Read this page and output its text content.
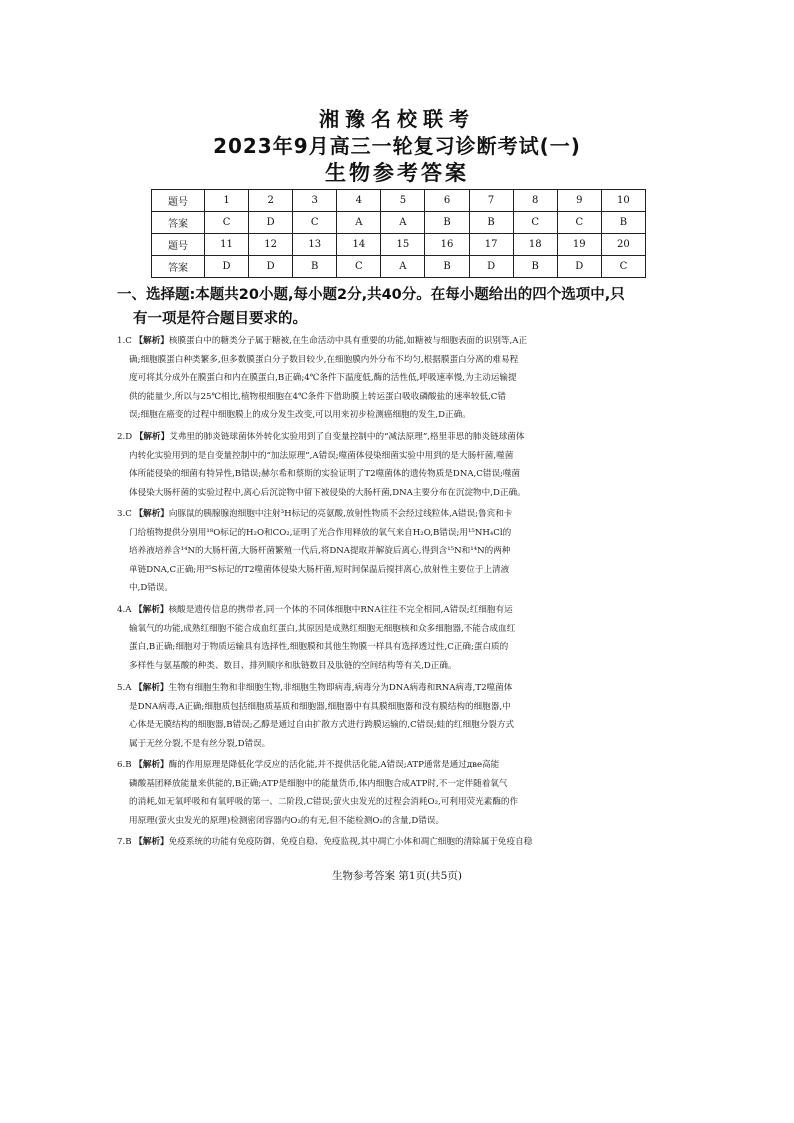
湘豫名校联考
2023年9月高三一轮复习诊断考试(一)
生物参考答案
题号	1	2	3	4	5	6	7	8	9	10
答案	C	D	C	A	A	B	B	C	C	B
题号	11	12	13	14	15	16	17	18	19	20
答案	D	D	B	C	A	B	D	B	D	C
一、选择题:本题共20小题,每小题2分,共40分。在每小题给出的四个选项中,只
有一项是符合题目要求的。
1.C 【解析】核膜蛋白中的糖类分子属于糖被,在生命活动中具有重要的功能,如糖被与细胞表面的识别等,A正
确;细胞膜蛋白种类繁多,但多数膜蛋白分子数目较少,在细胞膜内外分布不均匀,根据膜蛋白分离的难易程
度可将其分成外在膜蛋白和内在膜蛋白,B正确;4℃条件下温度低,酶的活性低,呼吸速率慢,为主动运输提
供的能量少,所以与25℃相比,植物根细胞在4℃条件下借助膜上转运蛋白吸收磷酸盐的速率较低,C错
误;细胞在癌变的过程中细胞膜上的成分发生改变,可以用来初步检测癌细胞的发生,D正确。
2.D 【解析】艾弗里的肺炎链球菌体外转化实验用到了自变量控制中的“减法原理”,格里菲思的肺炎链球菌体
内转化实验用到的是自变量控制中的“加法原理”,A错误;噬菌体侵染细菌实验中用到的是大肠杆菌,噬菌
体所能侵染的细菌有特异性,B错误;赫尔希和蔡斯的实验证明了T2噬菌体的遗传物质是DNA,C错误;噬菌
体侵染大肠杆菌的实验过程中,离心后沉淀物中留下被侵染的大肠杆菌,DNA主要分布在沉淀物中,D正确。
3.C 【解析】向豚鼠的胰腺腺泡细胞中注射³H标记的亮氨酸,放射性物质不会经过线粒体,A错误;鲁宾和卡
门给植物提供分别用¹⁸O标记的H₂O和CO₂,证明了光合作用释放的氧气来自H₂O,B错误;用¹⁵NH₄Cl的
培养液培养含¹⁴N的大肠杆菌,大肠杆菌繁殖一代后,将DNA提取并解旋后离心,得到含¹⁵N和¹⁴N的两种
单链DNA,C正确;用³⁵S标记的T2噬菌体侵染大肠杆菌,短时间保温后搅拌离心,放射性主要位于上清液
中,D错误。
4.A 【解析】核酸是遗传信息的携带者,同一个体的不同体细胞中RNA往往不完全相同,A错误;红细胞有运
输氧气的功能,成熟红细胞不能合成血红蛋白,其原因是成熟红细胞无细胞核和众多细胞器,不能合成血红
蛋白,B正确;细胞对于物质运输具有选择性,细胞膜和其他生物膜一样具有选择透过性,C正确;蛋白质的
多样性与氨基酸的种类、数目、排列顺序和肽链数目及肽链的空间结构等有关,D正确。
5.A 【解析】生物有细胞生物和非细胞生物,非细胞生物即病毒,病毒分为DNA病毒和RNA病毒,T2噬菌体
是DNA病毒,A正确;细胞质包括细胞质基质和细胞器,细胞器中有具膜细胞器和没有膜结构的细胞器,中
心体是无膜结构的细胞器,B错误;乙醇是通过自由扩散方式进行跨膜运输的,C错误;蛙的红细胞分裂方式
属于无丝分裂,不是有丝分裂,D错误。
6.B 【解析】酶的作用原理是降低化学反应的活化能,并不提供活化能,A错误;ATP通常是通过две高能
磷酸基团释放能量来供能的,B正确;ATP是细胞中的能量货币,体内细胞合成ATP时,不一定伴随着氧气
的消耗,如无氧呼吸和有氧呼吸的第一、二阶段,C错误;萤火虫发光的过程会消耗O₂,可利用荧光素酶的作
用原理(萤火虫发光的原理)检测密闭容器内O₂的有无,但不能检测O₂的含量,D错误。
7.B 【解析】免疫系统的功能有免疫防御、免疫自稳、免疫监视,其中凋亡小体和凋亡细胞的清除属于免疫自稳
生物参考答案 第1页(共5页)
